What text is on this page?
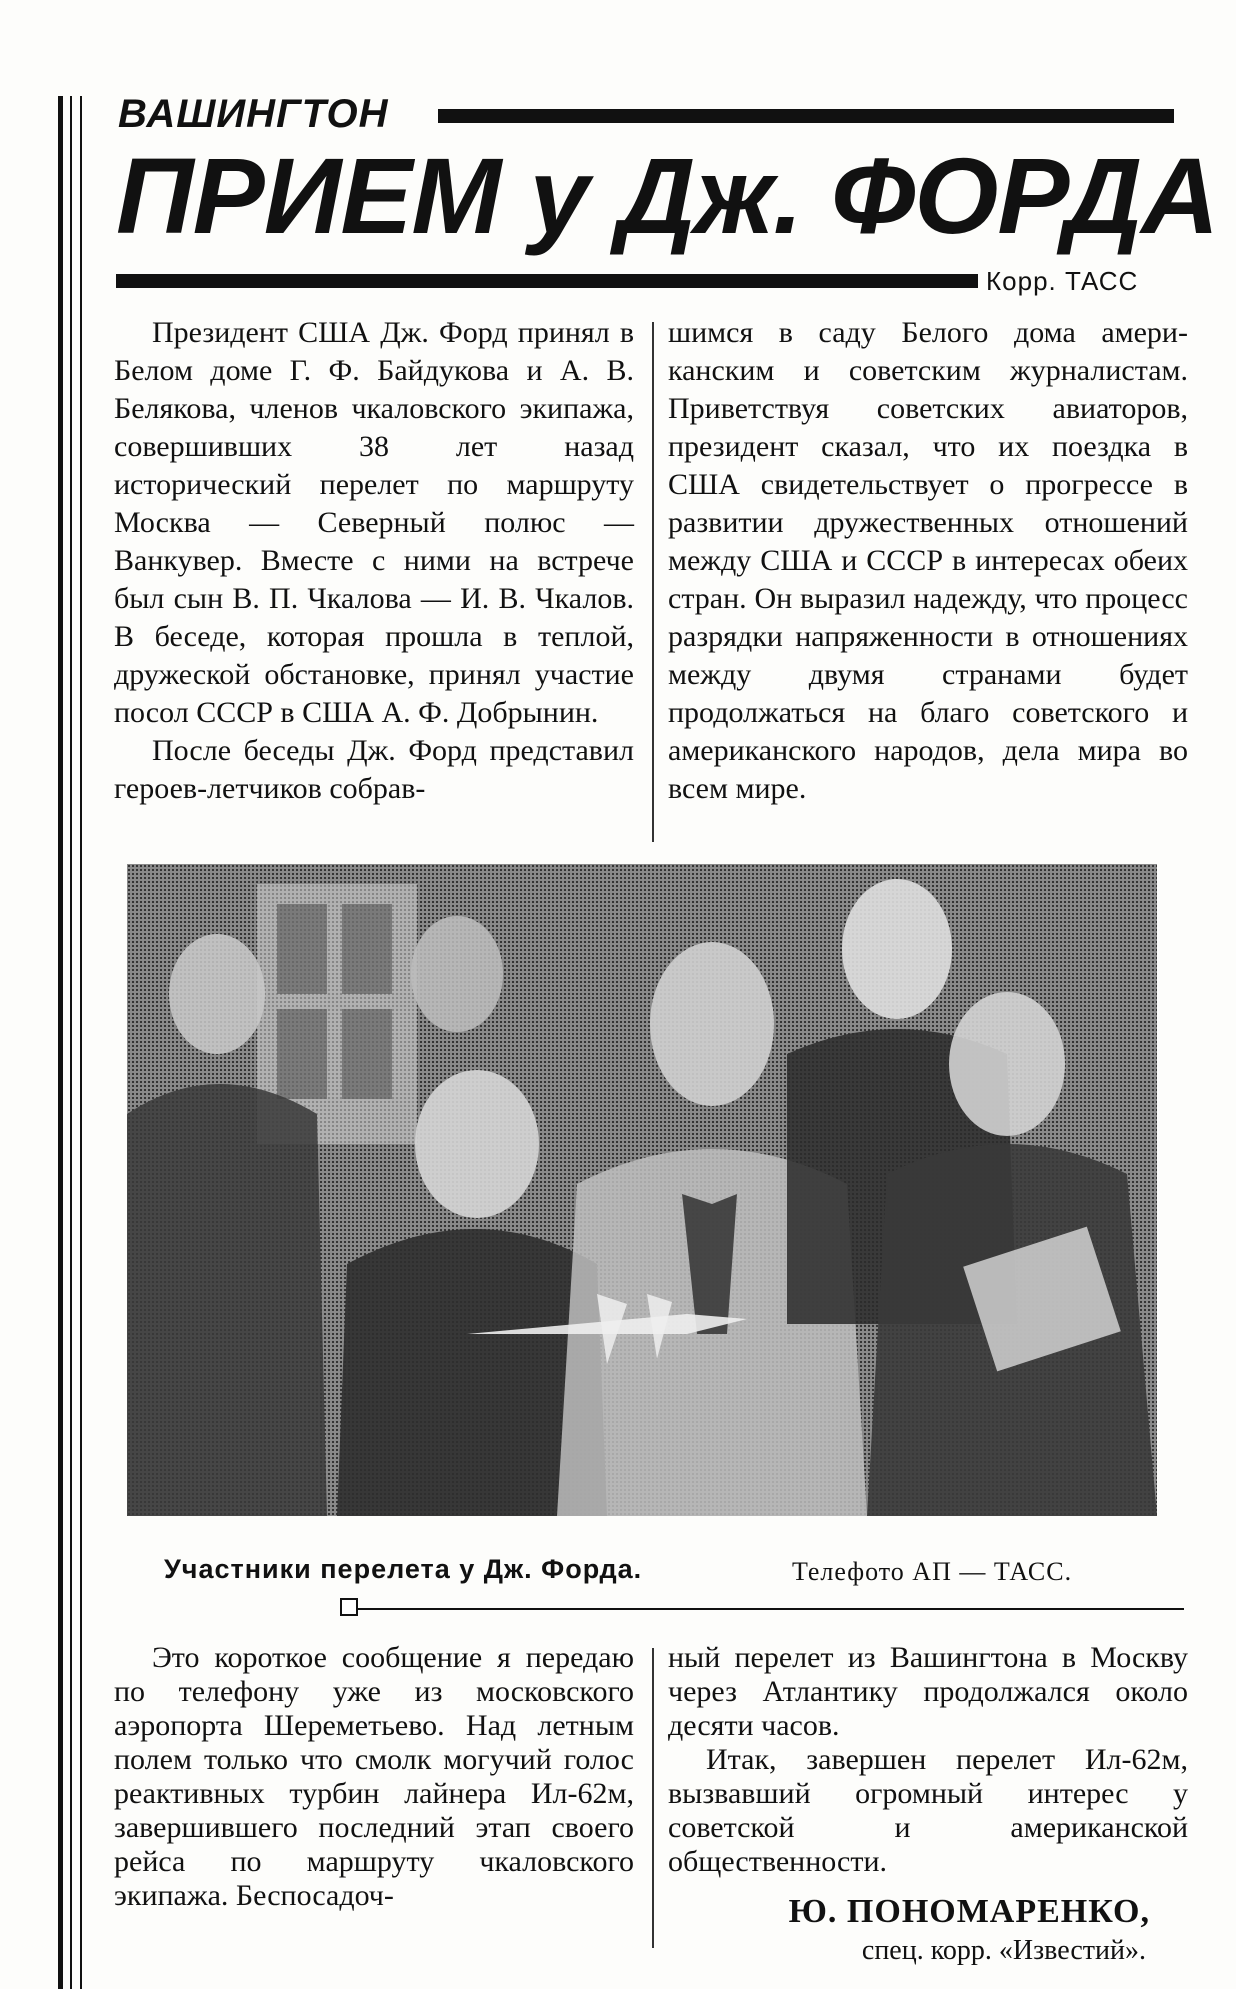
ВАШИНГТОН
ПРИЕМ у Дж. ФОРДА
Корр. ТАСС

Президент США Дж. Форд принял в Белом доме Г. Ф. Байдукова и А. В. Белякова, членов чкаловского экипажа, совершивших 38 лет назад исторический перелет по маршруту Москва — Северный полюс — Ванкувер. Вместе с ними на встрече был сын В. П. Чкалова — И. В. Чкалов. В беседе, которая прошла в теплой, дружеской обстановке, принял участие посол СССР в США А. Ф. Добрынин.

После беседы Дж. Форд представил героев-летчиков собрав-

шимся в саду Белого дома американским и советским журналистам. Приветствуя советских авиаторов, президент сказал, что их поездка в США свидетельствует о прогрессе в развитии дружественных отношений между США и СССР в интересах обеих стран. Он выразил надежду, что процесс разрядки напряженности в отношениях между двумя странами будет продолжаться на благо советского и американского народов, дела мира во всем мире.

Участники перелета у Дж. Форда.	Телефото АП — ТАСС.

Это короткое сообщение я передаю по телефону уже из московского аэропорта Шереметьево. Над летным полем только что смолк могучий голос реактивных турбин лайнера Ил-62м, завершившего последний этап своего рейса по маршруту чкаловского экипажа. Беспосадоч-

ный перелет из Вашингтона в Москву через Атлантику продолжался около десяти часов.

Итак, завершен перелет Ил-62м, вызвавший огромный интерес у советской и американской общественности.

Ю. ПОНОМАРЕНКО,
спец. корр. «Известий».
